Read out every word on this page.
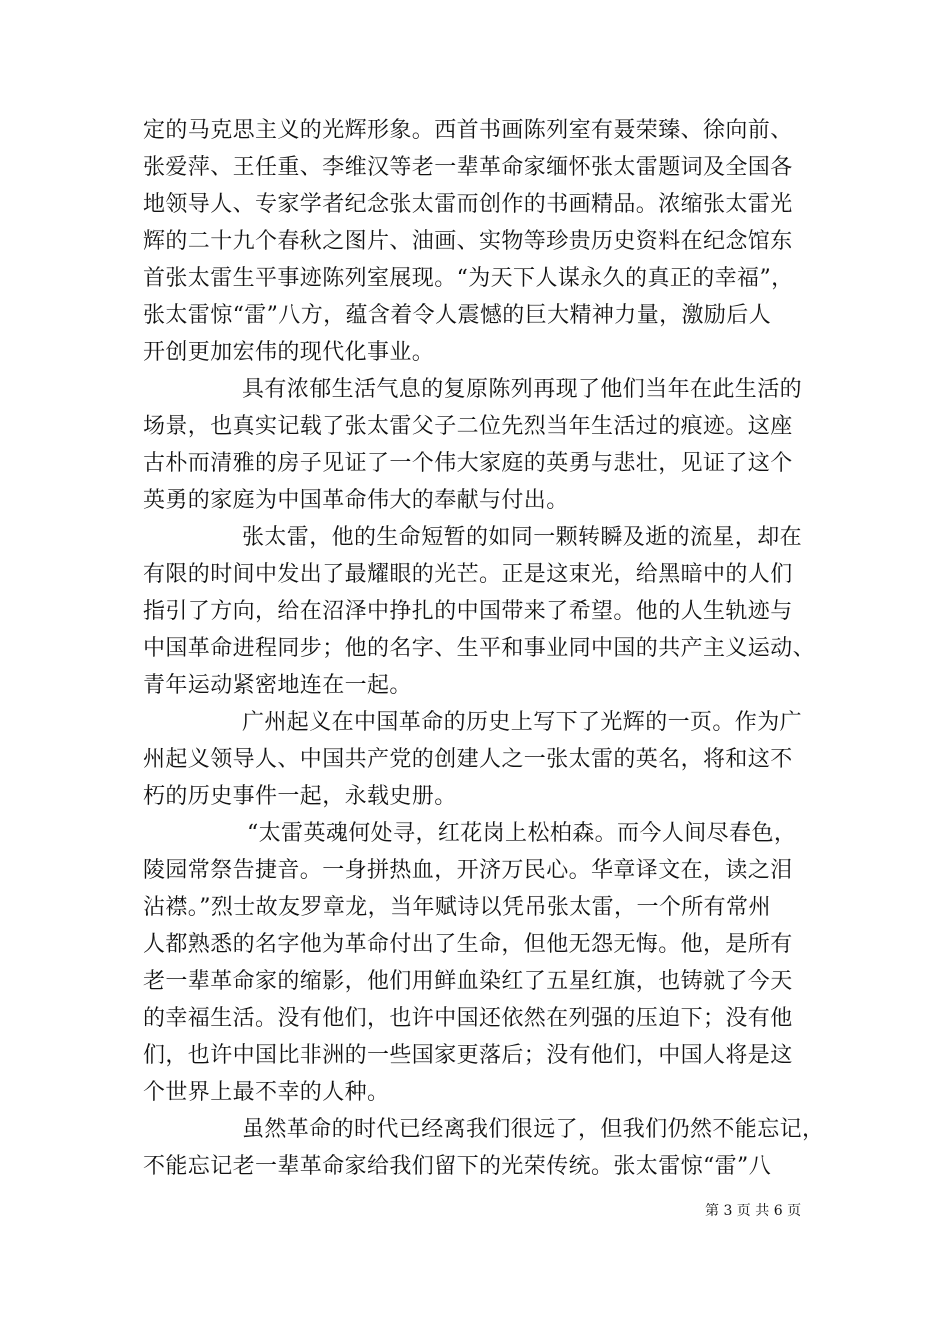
定的马克思主义的光辉形象。西首书画陈列室有聂荣臻、徐向前、
张爱萍、王任重、李维汉等老一辈革命家缅怀张太雷题词及全国各
地领导人、专家学者纪念张太雷而创作的书画精品。浓缩张太雷光
辉的二十九个春秋之图片、油画、实物等珍贵历史资料在纪念馆东
首张太雷生平事迹陈列室展现。“为天下人谋永久的真正的幸福”，
张太雷惊“雷”八方，蕴含着令人震憾的巨大精神力量，激励后人
开创更加宏伟的现代化事业。
具有浓郁生活气息的复原陈列再现了他们当年在此生活的
场景，也真实记载了张太雷父子二位先烈当年生活过的痕迹。这座
古朴而清雅的房子见证了一个伟大家庭的英勇与悲壮，见证了这个
英勇的家庭为中国革命伟大的奉献与付出。
张太雷，他的生命短暂的如同一颗转瞬及逝的流星，却在
有限的时间中发出了最耀眼的光芒。正是这束光，给黑暗中的人们
指引了方向，给在沼泽中挣扎的中国带来了希望。他的人生轨迹与
中国革命进程同步；他的名字、生平和事业同中国的共产主义运动、
青年运动紧密地连在一起。
广州起义在中国革命的历史上写下了光辉的一页。作为广
州起义领导人、中国共产党的创建人之一张太雷的英名，将和这不
朽的历史事件一起，永载史册。
“太雷英魂何处寻，红花岗上松柏森。而今人间尽春色，
陵园常祭告捷音。一身拼热血，开济万民心。华章译文在，读之泪
沾襟。”烈士故友罗章龙，当年赋诗以凭吊张太雷，一个所有常州
人都熟悉的名字他为革命付出了生命，但他无怨无悔。他，是所有
老一辈革命家的缩影，他们用鲜血染红了五星红旗，也铸就了今天
的幸福生活。没有他们，也许中国还依然在列强的压迫下；没有他
们，也许中国比非洲的一些国家更落后；没有他们，中国人将是这
个世界上最不幸的人种。
虽然革命的时代已经离我们很远了，但我们仍然不能忘记，
不能忘记老一辈革命家给我们留下的光荣传统。张太雷惊“雷”八
第 3 页 共 6 页
